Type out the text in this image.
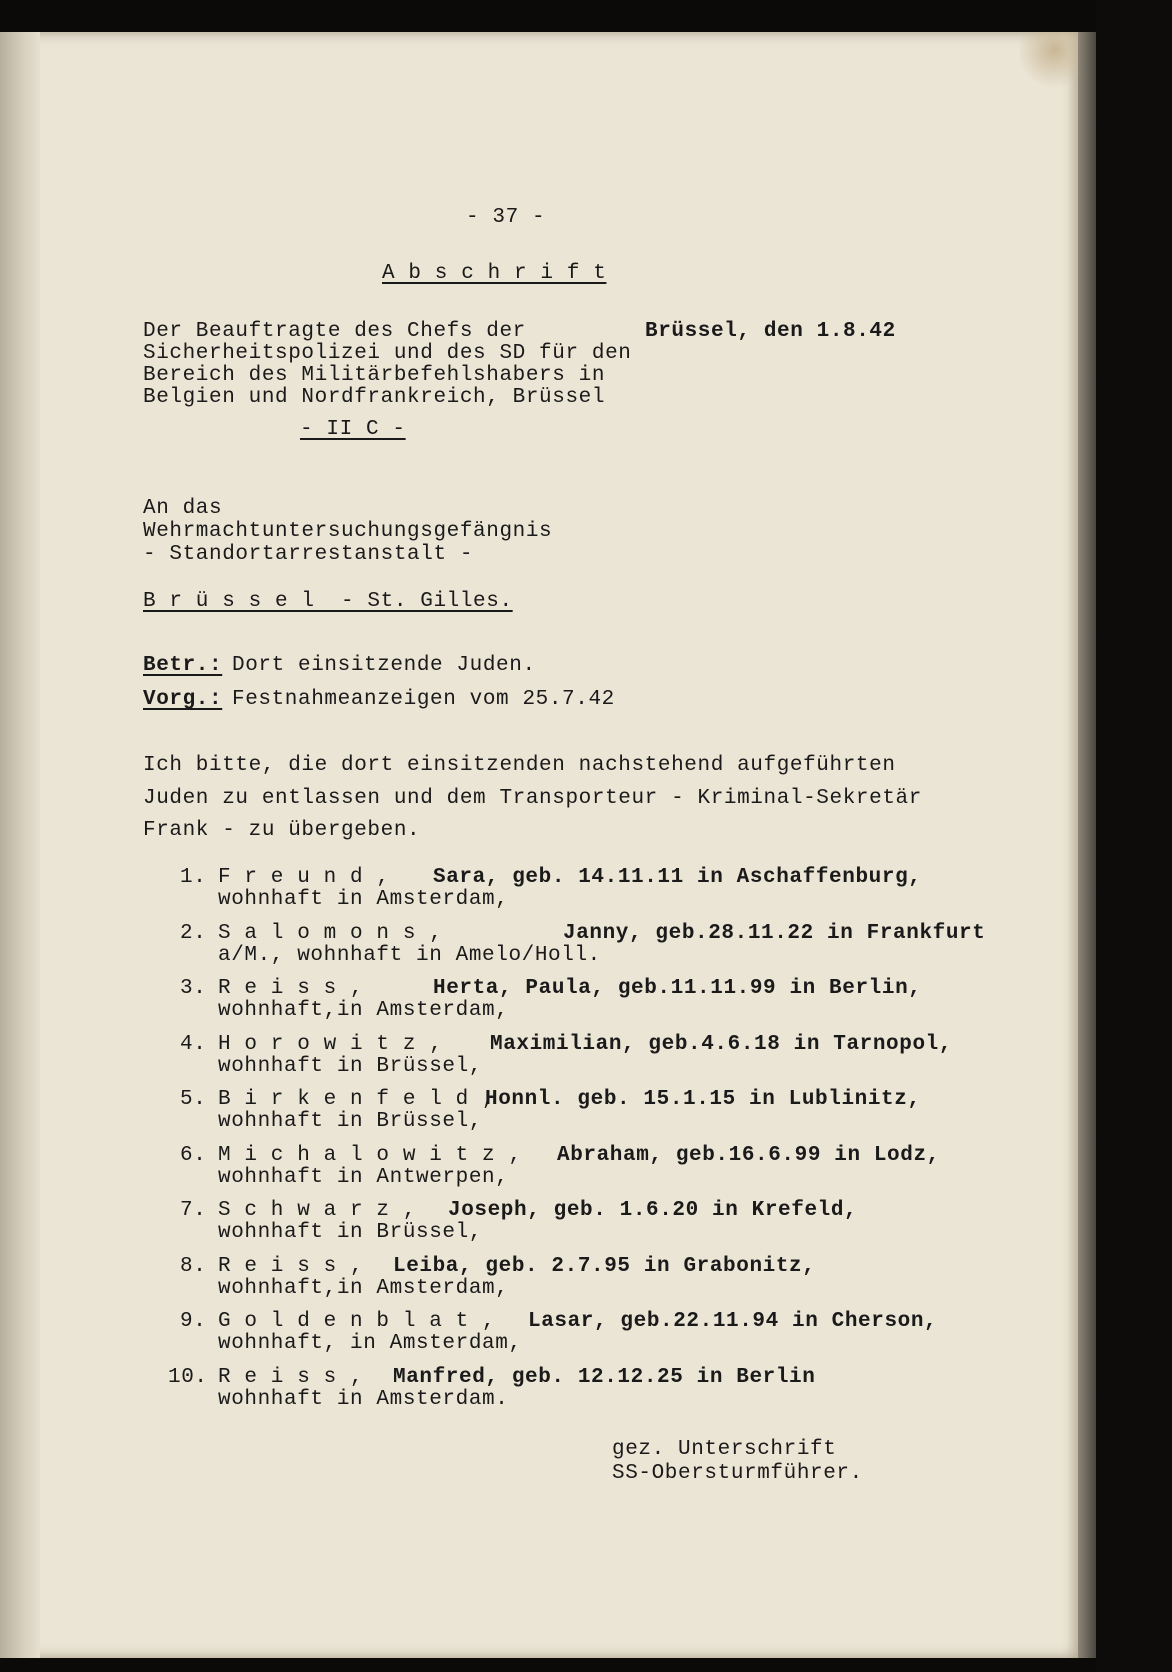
- 37 -
A b s c h r i f t
Der Beauftragte des Chefs der	Brüssel, den 1.8.42
Sicherheitspolizei und des SD für den
Bereich des Militärbefehlshabers in
Belgien und Nordfrankreich, Brüssel
- II C -
An das
Wehrmachtuntersuchungsgefängnis
- Standortarrestanstalt -
B r ü s s e l  - St. Gilles.
Betr.: Dort einsitzende Juden.
Vorg.: Festnahmeanzeigen vom 25.7.42
Ich bitte, die dort einsitzenden nachstehend aufgeführten
Juden zu entlassen und dem Transporteur - Kriminal-Sekretär
Frank - zu übergeben.
1. F r e u n d , Sara, geb. 14.11.11 in Aschaffenburg,
wohnhaft in Amsterdam,
2. S a l o m o n s ,	Janny, geb.28.11.22 in Frankfurt
a/M., wohnhaft in Amelo/Holl.
3. R e i s s ,	Herta, Paula, geb.11.11.99 in Berlin,
wohnhaft,in Amsterdam,
4. H o r o w i t z , Maximilian, geb.4.6.18 in Tarnopol,
wohnhaft in Brüssel,
5. B i r k e n f e l d ,
Honnl. geb. 15.1.15 in Lublinitz,
wohnhaft in Brüssel,
6. M i c h a l o w i t z , Abraham, geb.16.6.99 in Lodz,
wohnhaft in Antwerpen,
7. S c h w a r z , Joseph, geb. 1.6.20 in Krefeld,
wohnhaft in Brüssel,
8. R e i s s , Leiba, geb. 2.7.95 in Grabonitz,
wohnhaft,in Amsterdam,
9. G o l d e n b l a t , Lasar, geb.22.11.94 in Cherson,
wohnhaft, in Amsterdam,
10. R e i s s , Manfred, geb. 12.12.25 in Berlin
wohnhaft in Amsterdam.
gez. Unterschrift
SS-Obersturmführer.
